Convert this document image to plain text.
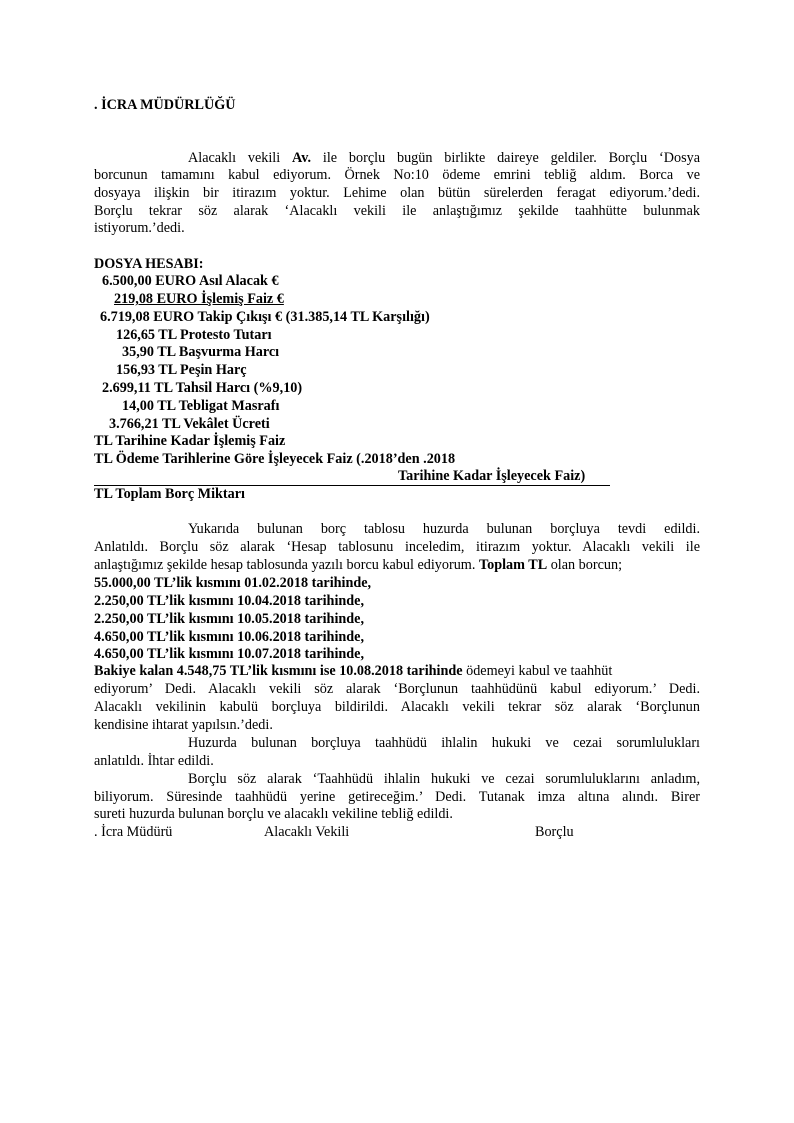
. İCRA MÜDÜRLÜĞÜ
Alacaklı vekili Av. ile borçlu bugün birlikte daireye geldiler. Borçlu ‘Dosya
borcunun tamamını kabul ediyorum. Örnek No:10 ödeme emrini tebliğ aldım. Borca ve
dosyaya ilişkin bir itirazım yoktur. Lehime olan bütün sürelerden feragat ediyorum.’dedi.
Borçlu tekrar söz alarak ‘Alacaklı vekili ile anlaştığımız şekilde taahhütte bulunmak
istiyorum.’dedi.
DOSYA HESABI:
6.500,00 EURO Asıl Alacak €
219,08 EURO İşlemiş Faiz €
6.719,08 EURO Takip Çıkışı € (31.385,14 TL Karşılığı)
126,65 TL Protesto Tutarı
35,90 TL Başvurma Harcı
156,93 TL Peşin Harç
2.699,11 TL Tahsil Harcı (%9,10)
14,00 TL Tebligat Masrafı
3.766,21 TL Vekâlet Ücreti
TL Tarihine Kadar İşlemiş Faiz
TL Ödeme Tarihlerine Göre İşleyecek Faiz (.2018’den .2018
Tarihine Kadar İşleyecek Faiz)
TL Toplam Borç Miktarı
Yukarıda bulunan borç tablosu huzurda bulunan borçluya tevdi edildi.
Anlatıldı. Borçlu söz alarak ‘Hesap tablosunu inceledim, itirazım yoktur. Alacaklı vekili ile
anlaştığımız şekilde hesap tablosunda yazılı borcu kabul ediyorum. Toplam TL olan borcun;
55.000,00 TL’lik kısmını 01.02.2018 tarihinde,
2.250,00 TL’lik kısmını 10.04.2018 tarihinde,
2.250,00 TL’lik kısmını 10.05.2018 tarihinde,
4.650,00 TL’lik kısmını 10.06.2018 tarihinde,
4.650,00 TL’lik kısmını 10.07.2018 tarihinde,
Bakiye kalan 4.548,75 TL’lik kısmını ise 10.08.2018 tarihinde ödemeyi kabul ve taahhüt
ediyorum’ Dedi. Alacaklı vekili söz alarak ‘Borçlunun taahhüdünü kabul ediyorum.’ Dedi.
Alacaklı vekilinin kabulü borçluya bildirildi. Alacaklı vekili tekrar söz alarak ‘Borçlunun
kendisine ihtarat yapılsın.’dedi.
Huzurda bulunan borçluya taahhüdü ihlalin hukuki ve cezai sorumlulukları
anlatıldı. İhtar edildi.
Borçlu söz alarak ‘Taahhüdü ihlalin hukuki ve cezai sorumluluklarını anladım,
biliyorum. Süresinde taahhüdü yerine getireceğim.’ Dedi. Tutanak imza altına alındı. Birer
sureti huzurda bulunan borçlu ve alacaklı vekiline tebliğ edildi.
. İcra Müdürü	Alacaklı Vekili	Borçlu
